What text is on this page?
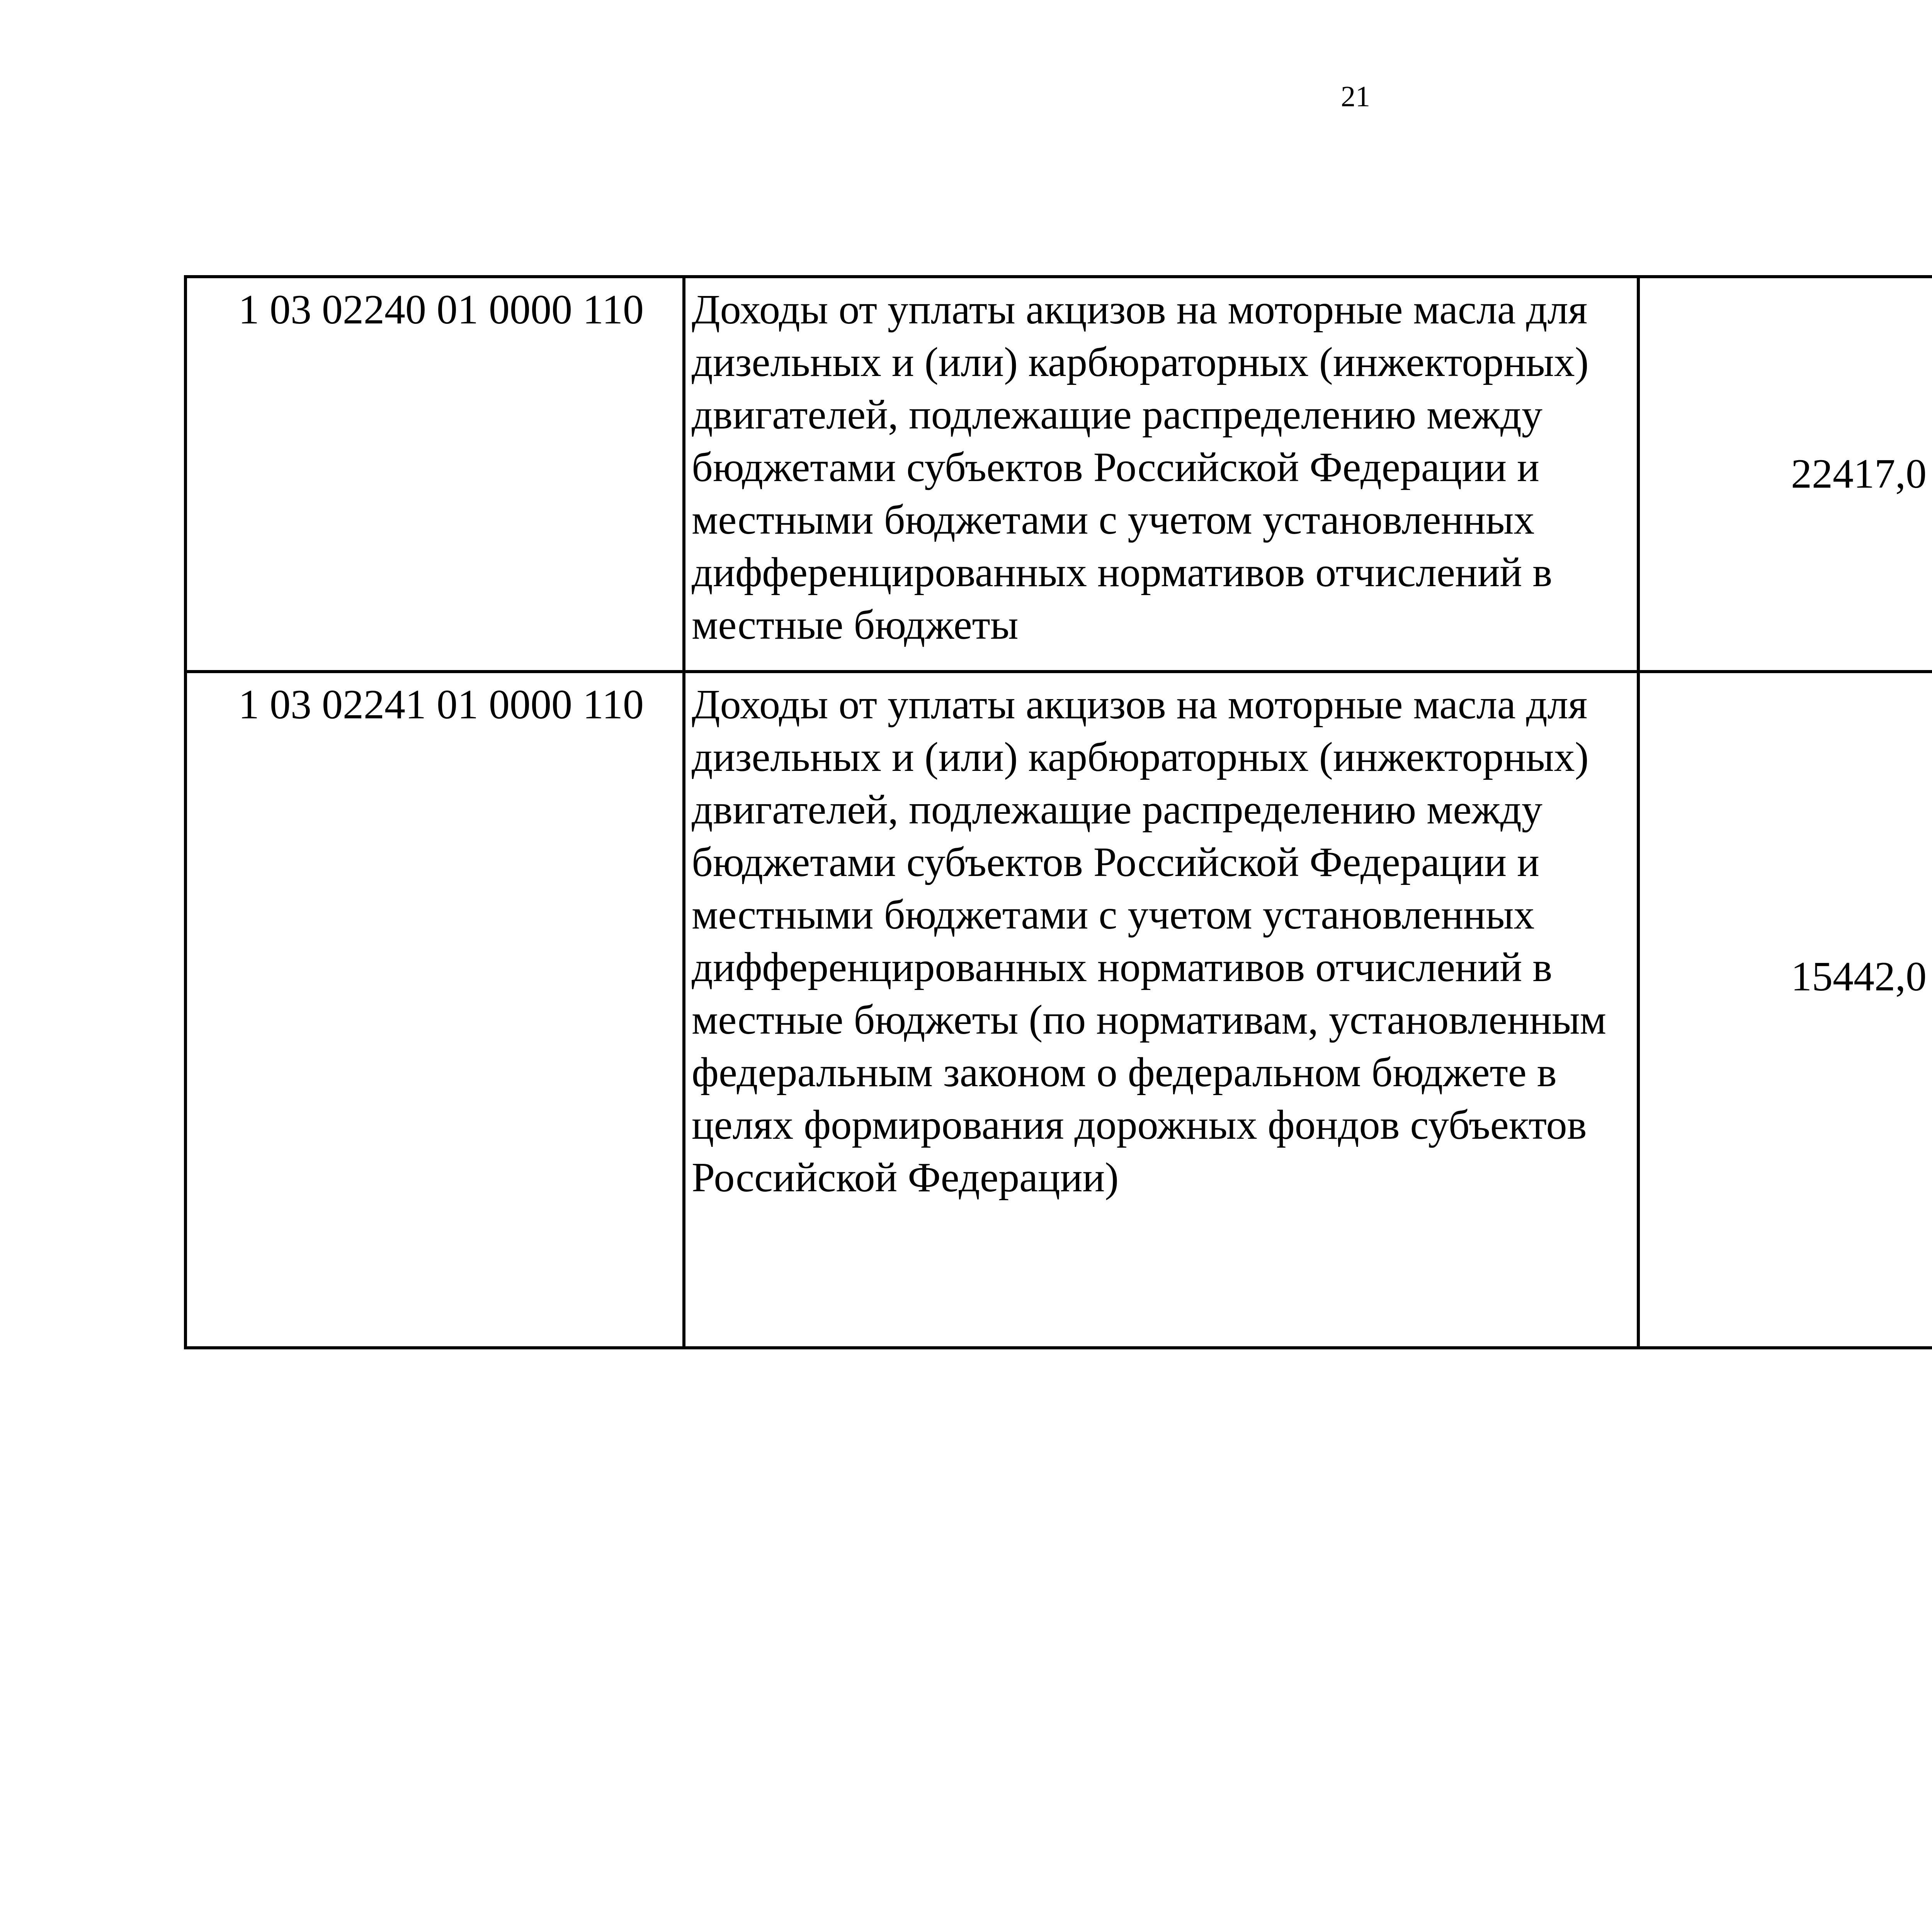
21
1 03 02240 01 0000 110	Доходы от уплаты акцизов на моторные масла для дизельных и (или) карбюраторных (инжекторных) двигателей, подлежащие распределению между бюджетами субъектов Российской Федерации и местными бюджетами с учетом установленных дифференцированных нормативов отчислений в местные бюджеты	22417,0		
1 03 02241 01 0000 110	Доходы от уплаты акцизов на моторные масла для дизельных и (или) карбюраторных (инжекторных) двигателей, подлежащие распределению между бюджетами субъектов Российской Федерации и местными бюджетами с учетом установленных дифференцированных нормативов отчислений в местные бюджеты (по нормативам, установленным федеральным законом о федеральном бюджете в целях формирования дорожных фондов субъектов Российской Федерации)	15442,0		
